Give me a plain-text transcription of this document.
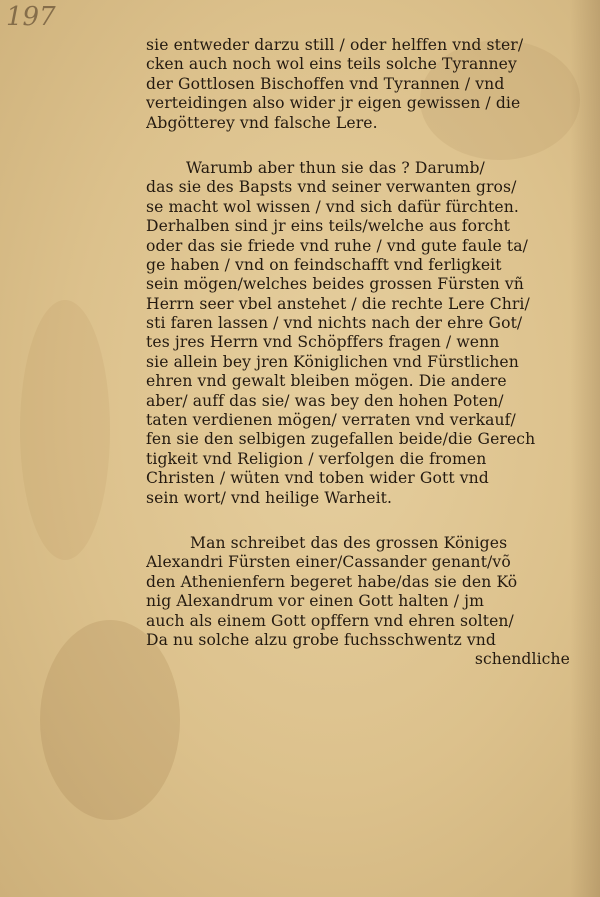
197
sie entweder darzu still / oder helffen vnd ster/
cken auch noch wol eins teils solche Tyranney
der Gottlosen Bischoffen vnd Tyrannen / vnd
verteidingen also wider jr eigen gewissen / die
Abgötterey vnd falsche Lere.
Warumb aber thun sie das ? Darumb/
das sie des Bapsts vnd seiner verwanten gros/
se macht wol wissen / vnd sich dafür fürchten.
Derhalben sind jr eins teils/welche aus forcht
oder das sie friede vnd ruhe / vnd gute faule ta/
ge haben / vnd on feindschafft vnd ferligkeit
sein mögen/welches beides grossen Fürsten vñ
Herrn seer vbel anstehet / die rechte Lere Chri/
sti faren lassen / vnd nichts nach der ehre Got/
tes jres Herrn vnd Schöpffers fragen / wenn
sie allein bey jren Königlichen vnd Fürstlichen
ehren vnd gewalt bleiben mögen. Die andere
aber/ auff das sie/ was bey den hohen Poten/
taten verdienen mögen/ verraten vnd verkauf/
fen sie den selbigen zugefallen beide/die Gerech
tigkeit vnd Religion / verfolgen die fromen
Christen / wüten vnd toben wider Gott vnd
sein wort/ vnd heilige Warheit.
Man schreibet das des grossen Königes
Alexandri Fürsten einer/Cassander genant/võ
den Athenienfern begeret habe/das sie den Kö
nig Alexandrum vor einen Gott halten / jm
auch als einem Gott opffern vnd ehren solten/
Da nu solche alzu grobe fuchsschwentz vnd
schendliche
